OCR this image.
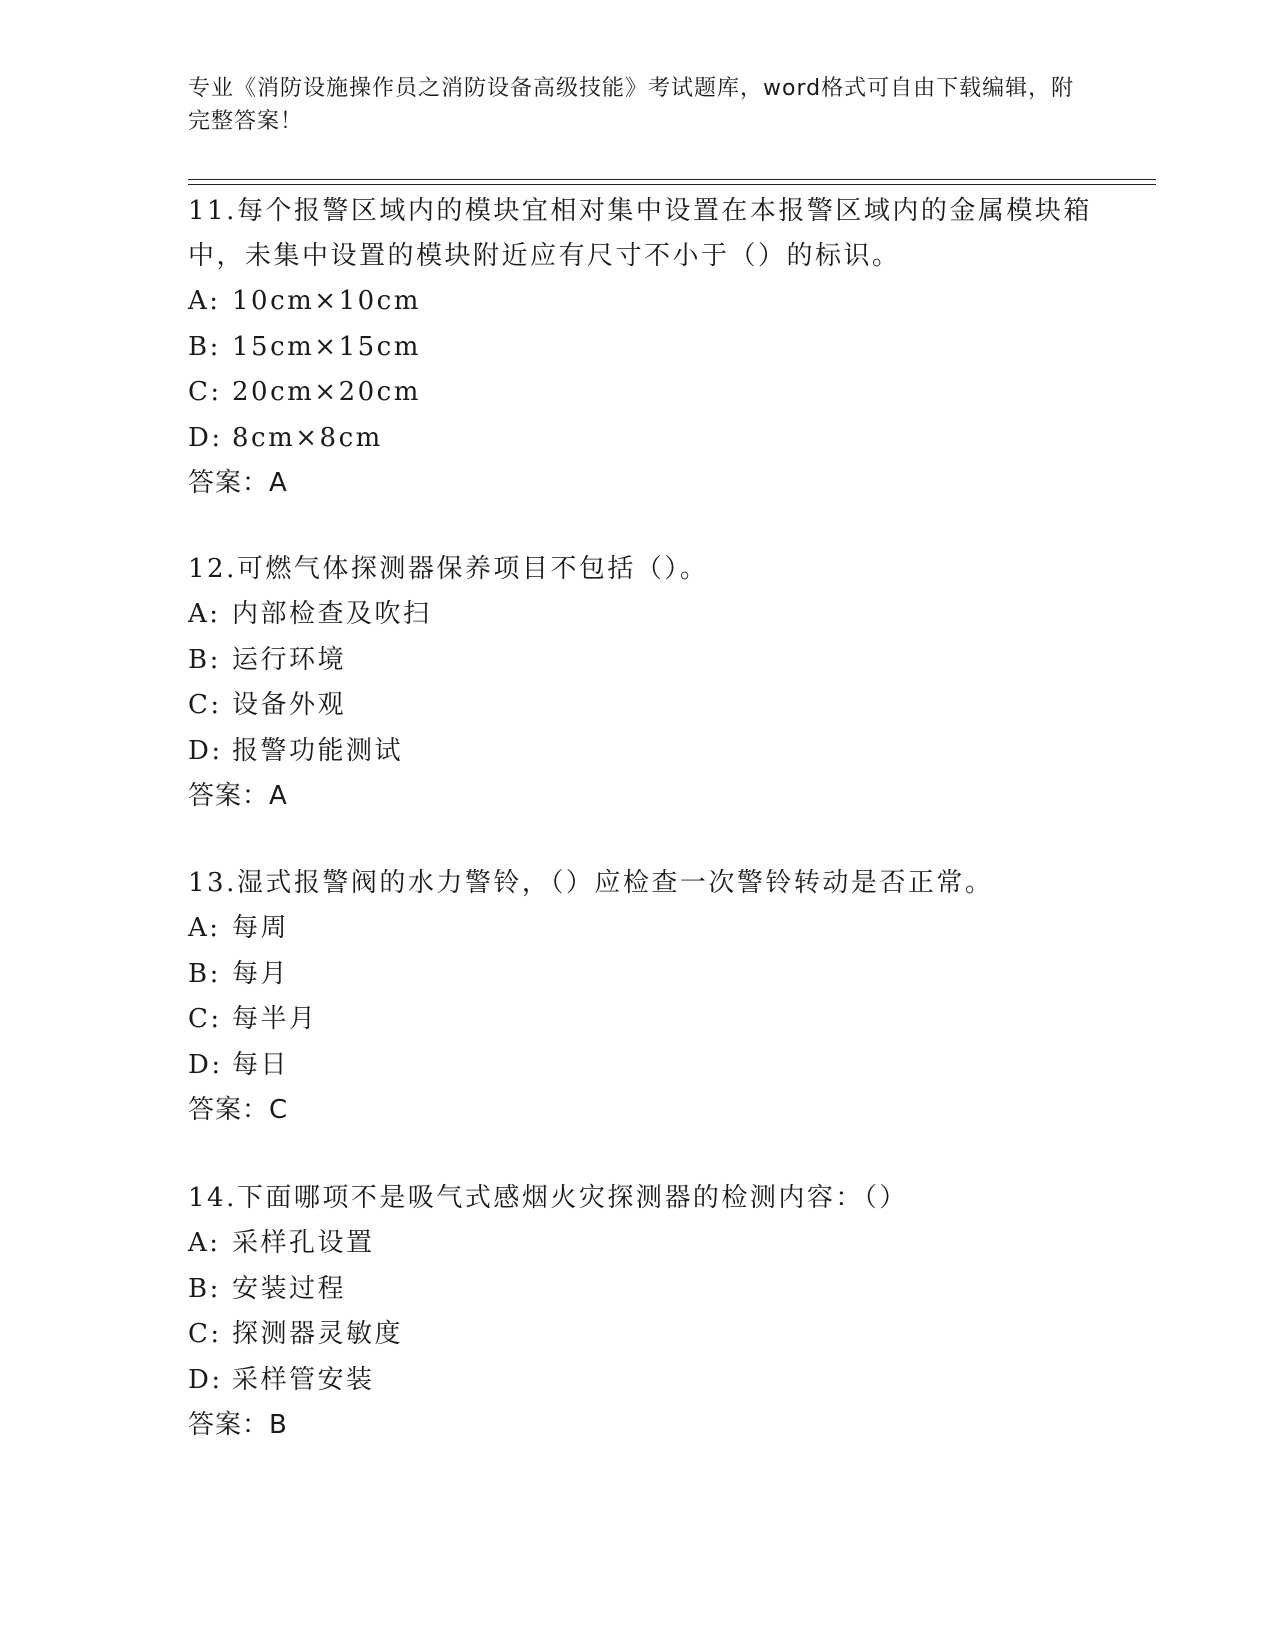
专业《消防设施操作员之消防设备高级技能》考试题库，word格式可自由下载编辑，附完整答案！
11.每个报警区域内的模块宜相对集中设置在本报警区域内的金属模块箱中，未集中设置的模块附近应有尺寸不小于（）的标识。
A: 10cm×10cm
B: 15cm×15cm
C: 20cm×20cm
D: 8cm×8cm
答案：A
12.可燃气体探测器保养项目不包括（）。
A: 内部检查及吹扫
B: 运行环境
C: 设备外观
D: 报警功能测试
答案：A
13.湿式报警阀的水力警铃，（）应检查一次警铃转动是否正常。
A: 每周
B: 每月
C: 每半月
D: 每日
答案：C
14.下面哪项不是吸气式感烟火灾探测器的检测内容：（）
A: 采样孔设置
B: 安装过程
C: 探测器灵敏度
D: 采样管安装
答案：B
